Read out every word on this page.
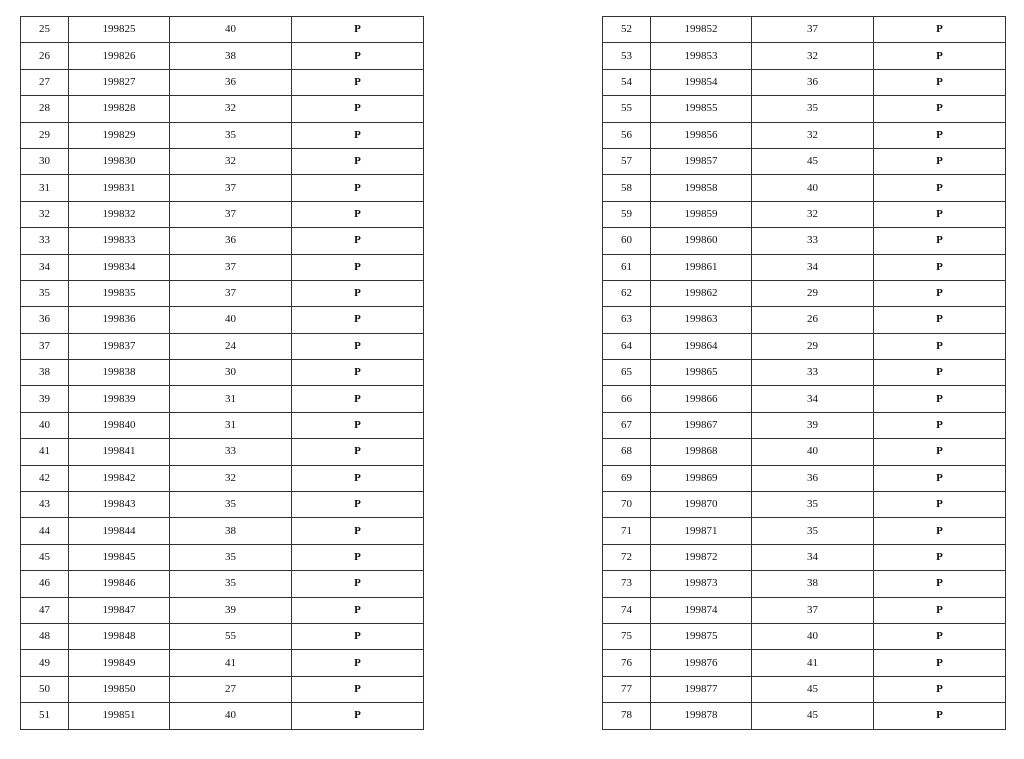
25	199825	40	P
26	199826	38	P
27	199827	36	P
28	199828	32	P
29	199829	35	P
30	199830	32	P
31	199831	37	P
32	199832	37	P
33	199833	36	P
34	199834	37	P
35	199835	37	P
36	199836	40	P
37	199837	24	P
38	199838	30	P
39	199839	31	P
40	199840	31	P
41	199841	33	P
42	199842	32	P
43	199843	35	P
44	199844	38	P
45	199845	35	P
46	199846	35	P
47	199847	39	P
48	199848	55	P
49	199849	41	P
50	199850	27	P
51	199851	40	P
52	199852	37	P
53	199853	32	P
54	199854	36	P
55	199855	35	P
56	199856	32	P
57	199857	45	P
58	199858	40	P
59	199859	32	P
60	199860	33	P
61	199861	34	P
62	199862	29	P
63	199863	26	P
64	199864	29	P
65	199865	33	P
66	199866	34	P
67	199867	39	P
68	199868	40	P
69	199869	36	P
70	199870	35	P
71	199871	35	P
72	199872	34	P
73	199873	38	P
74	199874	37	P
75	199875	40	P
76	199876	41	P
77	199877	45	P
78	199878	45	P
